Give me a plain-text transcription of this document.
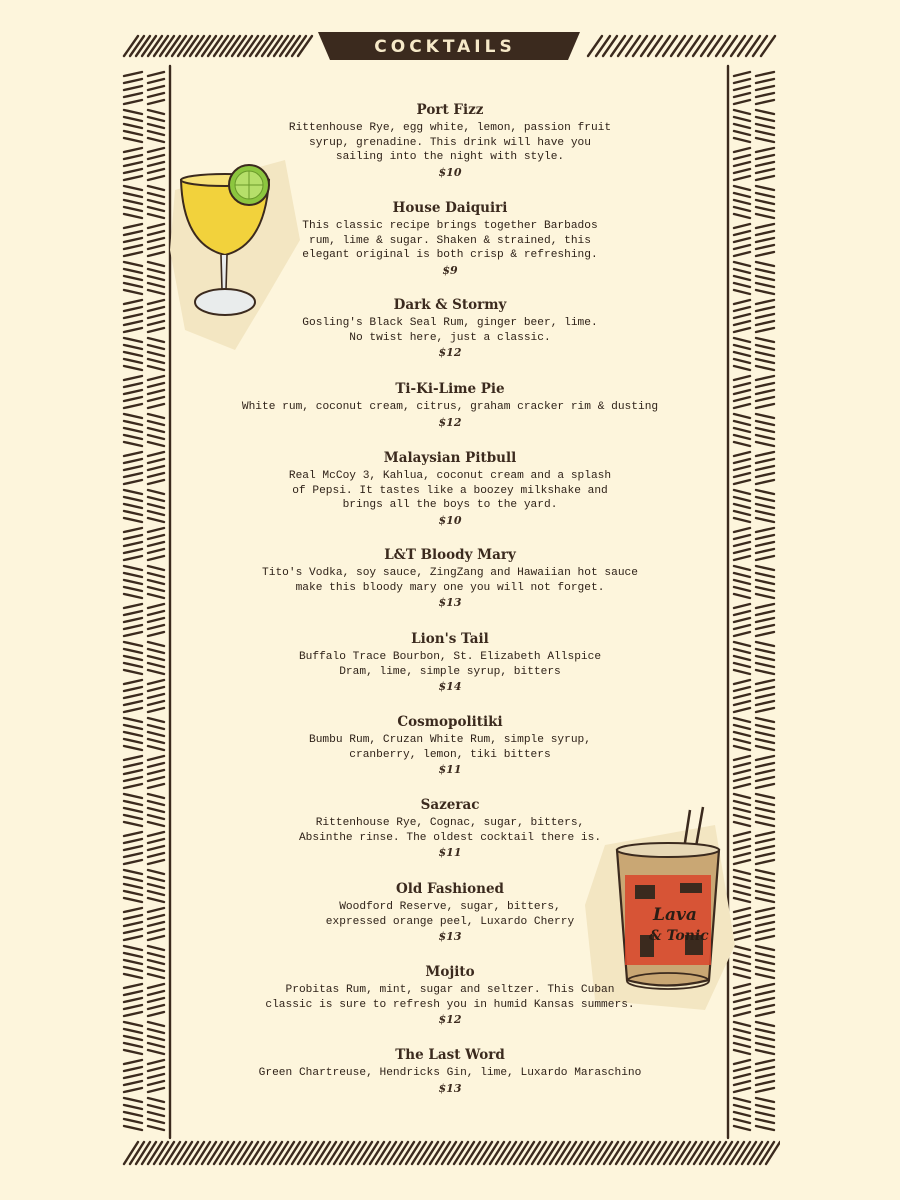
COCKTAILS
Lava
& Tonic
Port Fizz
Rittenhouse Rye, egg white, lemon, passion fruit
syrup, grenadine. This drink will have you
sailing into the night with style.
$10
House Daiquiri
This classic recipe brings together Barbados
rum, lime & sugar. Shaken & strained, this
elegant original is both crisp & refreshing.
$9
Dark & Stormy
Gosling's Black Seal Rum, ginger beer, lime.
No twist here, just a classic.
$12
Ti-Ki-Lime Pie
White rum, coconut cream, citrus, graham cracker rim & dusting
$12
Malaysian Pitbull
Real McCoy 3, Kahlua, coconut cream and a splash
of Pepsi. It tastes like a boozey milkshake and
brings all the boys to the yard.
$10
L&T Bloody Mary
Tito's Vodka, soy sauce, ZingZang and Hawaiian hot sauce
make this bloody mary one you will not forget.
$13
Lion's Tail
Buffalo Trace Bourbon, St. Elizabeth Allspice
Dram, lime, simple syrup, bitters
$14
Cosmopolitiki
Bumbu Rum, Cruzan White Rum, simple syrup,
cranberry, lemon, tiki bitters
$11
Sazerac
Rittenhouse Rye, Cognac, sugar, bitters,
Absinthe rinse. The oldest cocktail there is.
$11
Old Fashioned
Woodford Reserve, sugar, bitters,
expressed orange peel, Luxardo Cherry
$13
Mojito
Probitas Rum, mint, sugar and seltzer. This Cuban
classic is sure to refresh you in humid Kansas summers.
$12
The Last Word
Green Chartreuse, Hendricks Gin, lime, Luxardo Maraschino
$13
